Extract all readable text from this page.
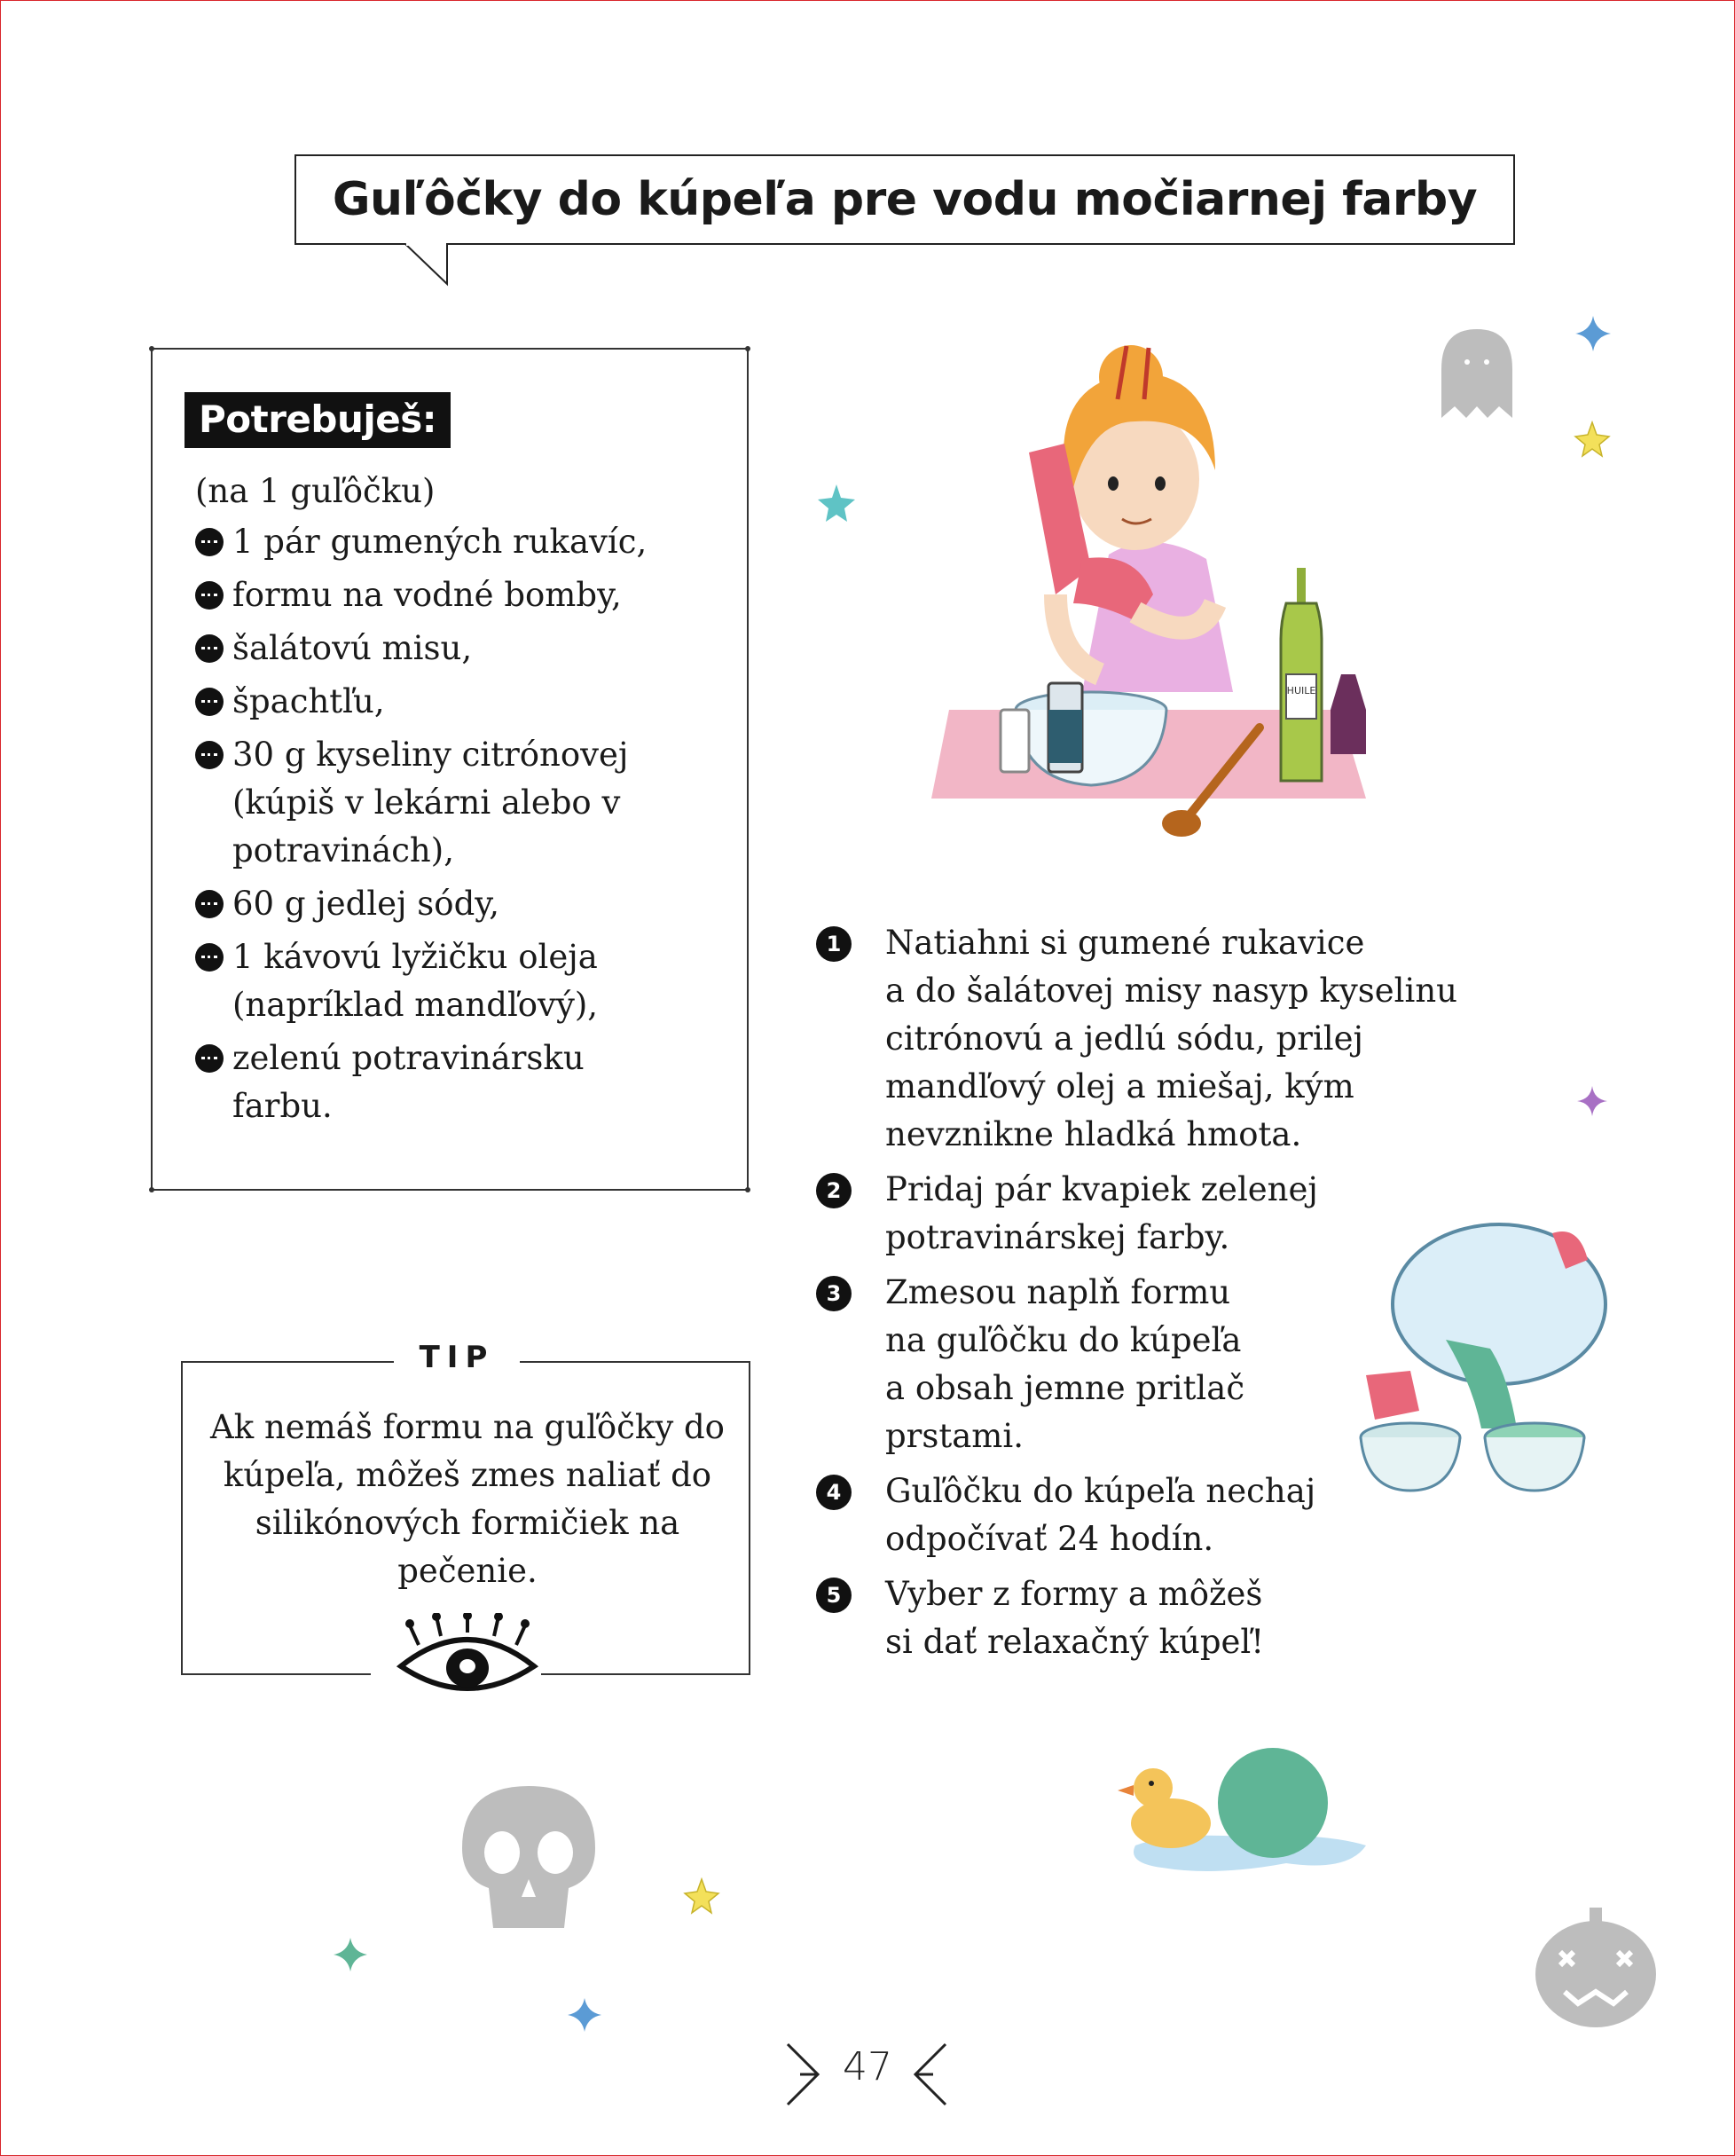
Guľôčky do kúpeľa pre vodu močiarnej farby
Potrebuješ:
(na 1 guľôčku)
1 pár gumených rukavíc,
formu na vodné bomby,
šalátovú misu,
špachtľu,
30 g kyseliny citrónovej (kúpiš v lekárni alebo v potravinách),
60 g jedlej sódy,
1 kávovú lyžičku oleja (napríklad mandľový),
zelenú potravinársku farbu.
TIP
Ak nemáš formu na guľôčky do kúpeľa, môžeš zmes naliať do silikónových formičiek na pečenie.
1	Natiahni si gumené rukavice
a do šalátovej misy nasyp kyselinu
citrónovú a jedlú sódu, prilej
mandľový olej a miešaj, kým
nevznikne hladká hmota.
2	Pridaj pár kvapiek zelenej
potravinárskej farby.
3	Zmesou naplň formu
na guľôčku do kúpeľa
a obsah jemne pritlač
prstami.
4	Guľôčku do kúpeľa nechaj
odpočívať 24 hodín.
5	Vyber z formy a môžeš
si dať relaxačný kúpeľ!
HUILE
47
